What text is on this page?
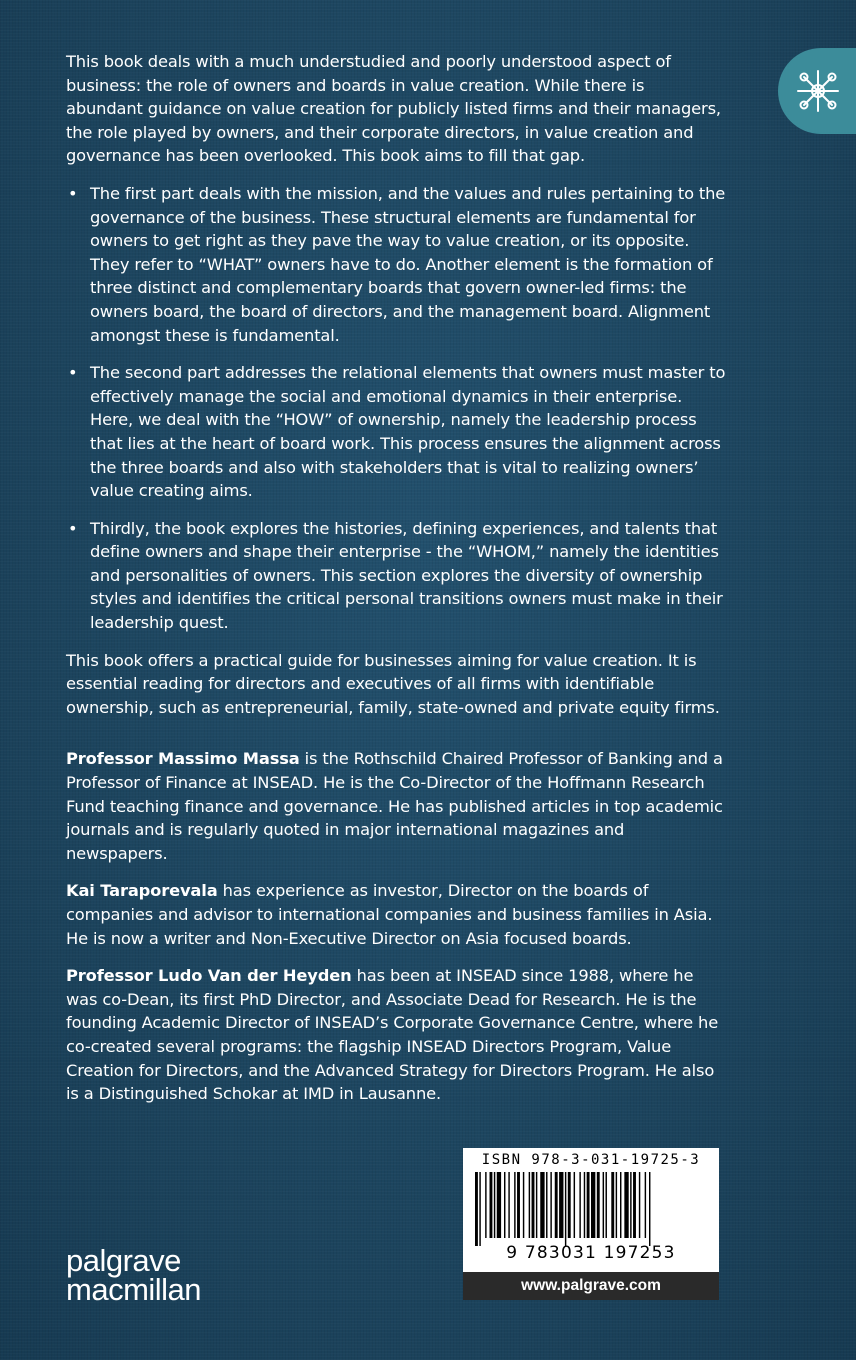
This book deals with a much understudied and poorly understood aspect of business: the role of owners and boards in value creation. While there is abundant guidance on value creation for publicly listed firms and their managers, the role played by owners, and their corporate directors, in value creation and governance has been overlooked. This book aims to fill that gap.

• The first part deals with the mission, and the values and rules pertaining to the governance of the business. These structural elements are fundamental for owners to get right as they pave the way to value creation, or its opposite. They refer to “WHAT” owners have to do. Another element is the formation of three distinct and complementary boards that govern owner-led firms: the owners board, the board of directors, and the management board. Alignment amongst these is fundamental.
• The second part addresses the relational elements that owners must master to effectively manage the social and emotional dynamics in their enterprise. Here, we deal with the “HOW” of ownership, namely the leadership process that lies at the heart of board work. This process ensures the alignment across the three boards and also with stakeholders that is vital to realizing owners’ value creating aims.
• Thirdly, the book explores the histories, defining experiences, and talents that define owners and shape their enterprise - the “WHOM,” namely the identities and personalities of owners. This section explores the diversity of ownership styles and identifies the critical personal transitions owners must make in their leadership quest.

This book offers a practical guide for businesses aiming for value creation. It is essential reading for directors and executives of all firms with identifiable ownership, such as entrepreneurial, family, state-owned and private equity firms.

Professor Massimo Massa is the Rothschild Chaired Professor of Banking and a Professor of Finance at INSEAD. He is the Co-Director of the Hoffmann Research Fund teaching finance and governance. He has published articles in top academic journals and is regularly quoted in major international magazines and newspapers.

Kai Taraporevala has experience as investor, Director on the boards of companies and advisor to international companies and business families in Asia. He is now a writer and Non-Executive Director on Asia focused boards.

Professor Ludo Van der Heyden has been at INSEAD since 1988, where he was co-Dean, its first PhD Director, and Associate Dead for Research. He is the founding Academic Director of INSEAD’s Corporate Governance Centre, where he co-created several programs: the flagship INSEAD Directors Program, Value Creation for Directors, and the Advanced Strategy for Directors Program. He also is a Distinguished Schokar at IMD in Lausanne.

ISBN 978-3-031-19725-3
9 783031 197253
www.palgrave.com
palgrave
macmillan
